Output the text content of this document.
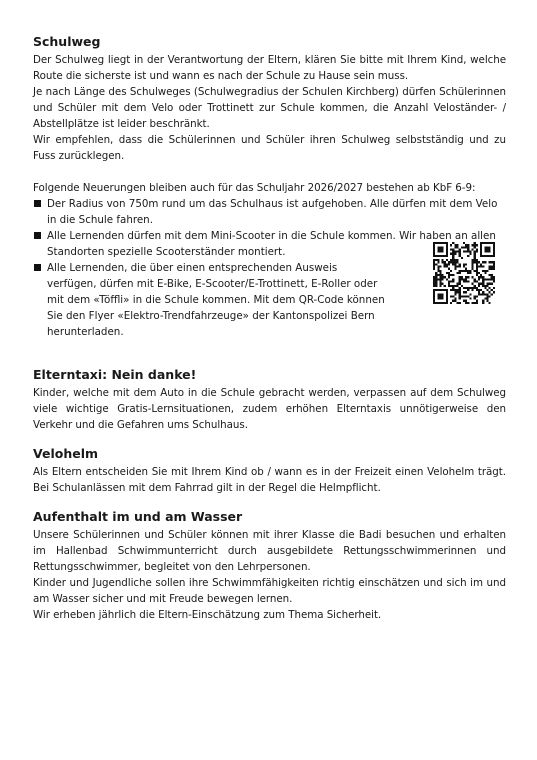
Schulweg

Der Schulweg liegt in der Verantwortung der Eltern, klären Sie bitte mit Ihrem Kind, welche Route die sicherste ist und wann es nach der Schule zu Hause sein muss.

Je nach Länge des Schulweges (Schulwegradius der Schulen Kirchberg) dürfen Schülerinnen und Schüler mit dem Velo oder Trottinett zur Schule kommen, die Anzahl Veloständer- / Abstellplätze ist leider beschränkt.

Wir empfehlen, dass die Schülerinnen und Schüler ihren Schulweg selbstständig und zu Fuss zurücklegen.

Folgende Neuerungen bleiben auch für das Schuljahr 2026/2027 bestehen ab KbF 6-9:

Der Radius von 750m rund um das Schulhaus ist aufgehoben. Alle dürfen mit dem Velo in die Schule fahren.
Alle Lernenden dürfen mit dem Mini-Scooter in die Schule kommen. Wir haben an allen Standorten spezielle Scooterständer montiert.
Alle Lernenden, die über einen entsprechenden Ausweis verfügen, dürfen mit E-Bike, E-Scooter/E-Trottinett, E-Roller oder mit dem «Töffli» in die Schule kommen. Mit dem QR-Code können Sie den Flyer «Elektro-Trendfahrzeuge» der Kantonspolizei Bern herunterladen.
Elterntaxi: Nein danke!

Kinder, welche mit dem Auto in die Schule gebracht werden, verpassen auf dem Schulweg viele wichtige Gratis-Lernsituationen, zudem erhöhen Elterntaxis unnötigerweise den Verkehr und die Gefahren ums Schulhaus.

Velohelm

Als Eltern entscheiden Sie mit Ihrem Kind ob / wann es in der Freizeit einen Velohelm trägt. Bei Schulanlässen mit dem Fahrrad gilt in der Regel die Helmpflicht.

Aufenthalt im und am Wasser

Unsere Schülerinnen und Schüler können mit ihrer Klasse die Badi besuchen und erhalten im Hallenbad Schwimmunterricht durch ausgebildete Rettungsschwimmerinnen und Rettungsschwimmer, begleitet von den Lehrpersonen.

Kinder und Jugendliche sollen ihre Schwimmfähigkeiten richtig einschätzen und sich im und am Wasser sicher und mit Freude bewegen lernen.

Wir erheben jährlich die Eltern-Einschätzung zum Thema Sicherheit.
